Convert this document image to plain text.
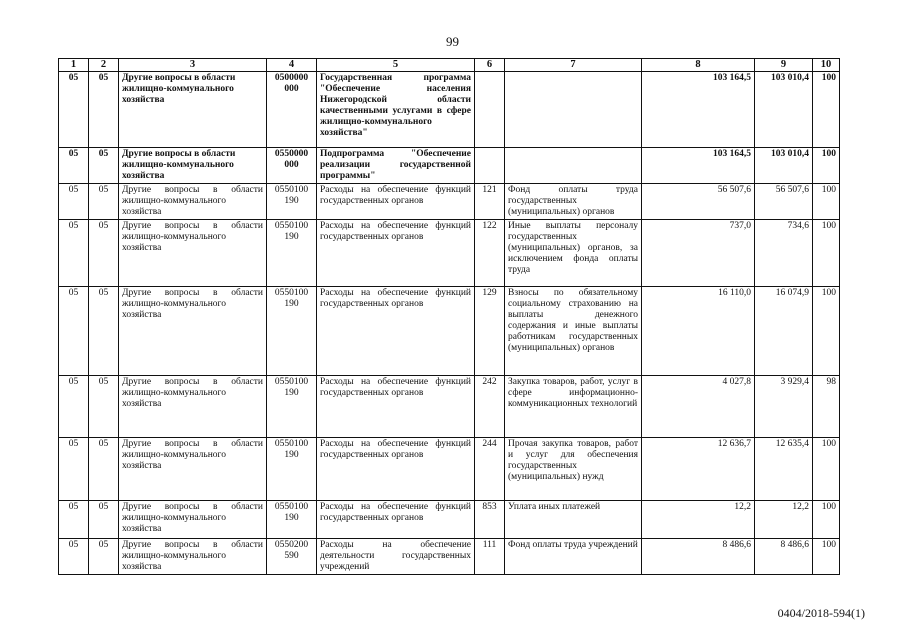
99
1	2	3	4	5	6	7	8	9	10
05	05	Другие вопросы в области жилищно-коммунального хозяйства	0500000 000	Государственная программа "Обеспечение населения Нижегородской области качественными услугами в сфере жилищно-коммунального хозяйства"			103 164,5	103 010,4	100
05	05	Другие вопросы в области жилищно-коммунального хозяйства	0550000 000	Подпрограмма "Обеспечение реализации государственной программы"			103 164,5	103 010,4	100
05	05	Другие вопросы в области жилищно-коммунального хозяйства	0550100 190	Расходы на обеспечение функций государственных органов	121	Фонд оплаты труда государственных (муниципальных) органов	56 507,6	56 507,6	100
05	05	Другие вопросы в области жилищно-коммунального хозяйства	0550100 190	Расходы на обеспечение функций государственных органов	122	Иные выплаты персоналу государственных (муниципальных) органов, за исключением фонда оплаты труда	737,0	734,6	100
05	05	Другие вопросы в области жилищно-коммунального хозяйства	0550100 190	Расходы на обеспечение функций государственных органов	129	Взносы по обязательному социальному страхованию на выплаты денежного содержания и иные выплаты работникам государственных (муниципальных) органов	16 110,0	16 074,9	100
05	05	Другие вопросы в области жилищно-коммунального хозяйства	0550100 190	Расходы на обеспечение функций государственных органов	242	Закупка товаров, работ, услуг в сфере информационно-коммуникационных технологий	4 027,8	3 929,4	98
05	05	Другие вопросы в области жилищно-коммунального хозяйства	0550100 190	Расходы на обеспечение функций государственных органов	244	Прочая закупка товаров, работ и услуг для обеспечения государственных (муниципальных) нужд	12 636,7	12 635,4	100
05	05	Другие вопросы в области жилищно-коммунального хозяйства	0550100 190	Расходы на обеспечение функций государственных органов	853	Уплата иных платежей	12,2	12,2	100
05	05	Другие вопросы в области жилищно-коммунального хозяйства	0550200 590	Расходы на обеспечение деятельности государственных учреждений	111	Фонд оплаты труда учреждений	8 486,6	8 486,6	100
0404/2018-594(1)
